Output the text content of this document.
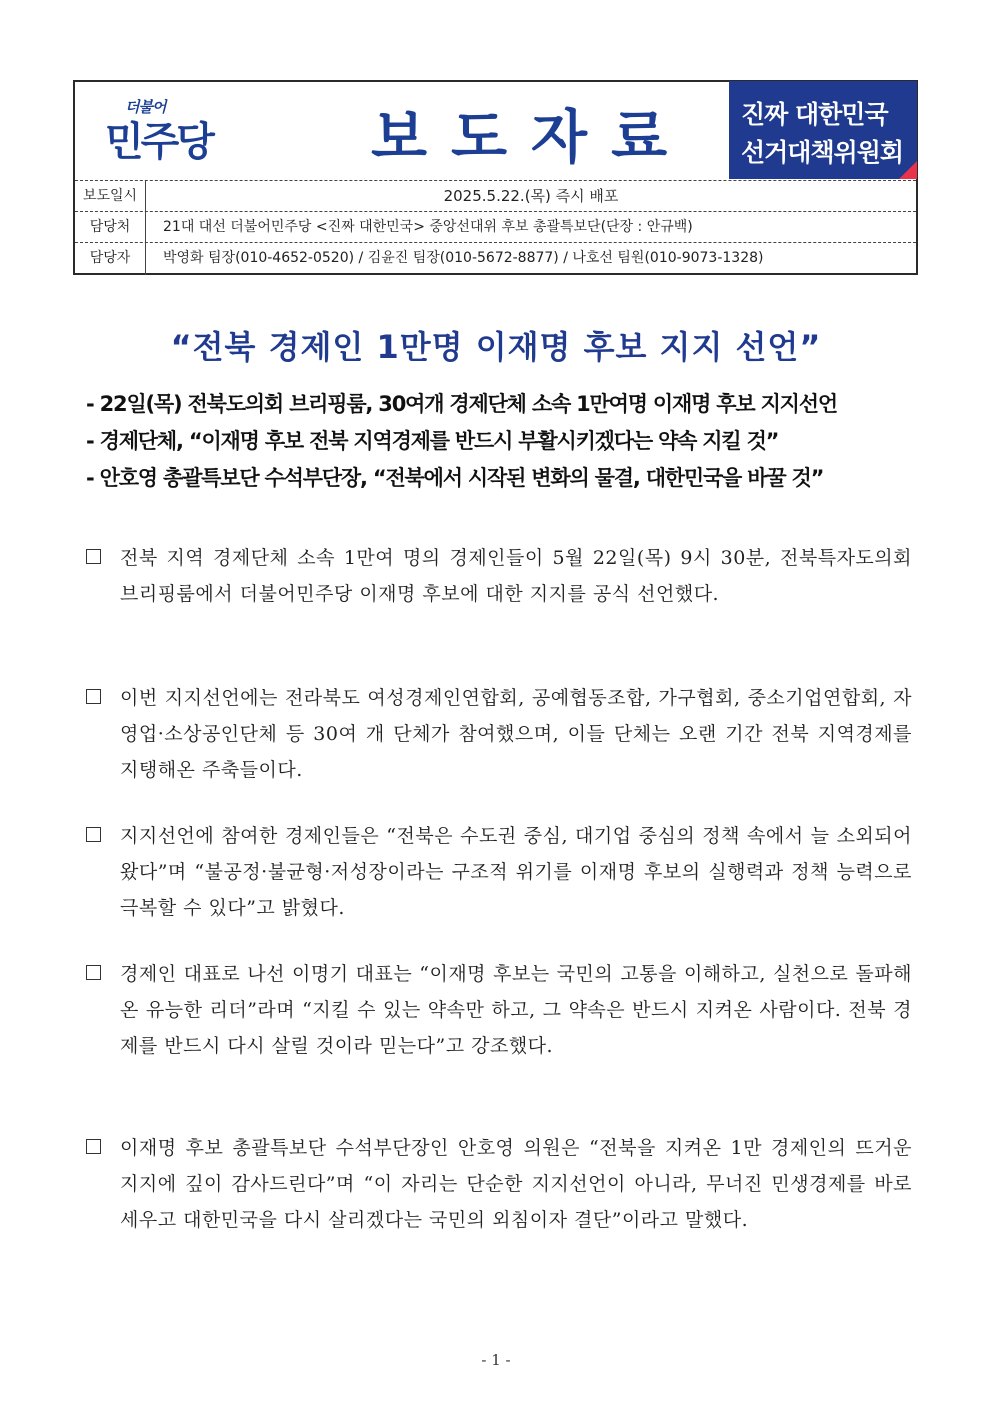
더불어
민주당	보도자료 진짜 대한민국
선거대책위원회
보도일시	2025.5.22.(목) 즉시 배포
담당처	21대 대선 더불어민주당 <진짜 대한민국> 중앙선대위 후보 총괄특보단(단장 : 안규백)
담당자	박영화 팀장(010-4652-0520) / 김윤진 팀장(010-5672-8877) / 나호선 팀원(010-9073-1328)
“전북 경제인 1만명 이재명 후보 지지 선언”
- 22일(목) 전북도의회 브리핑룸, 30여개 경제단체 소속 1만여명 이재명 후보 지지선언
- 경제단체, “이재명 후보 전북 지역경제를 반드시 부활시키겠다는 약속 지킬 것”
- 안호영 총괄특보단 수석부단장, “전북에서 시작된 변화의 물결, 대한민국을 바꿀 것”
전북 지역 경제단체 소속 1만여 명의 경제인들이 5월 22일(목) 9시 30분, 전북특자도의회 브리핑룸에서 더불어민주당 이재명 후보에 대한 지지를 공식 선언했다.
이번 지지선언에는 전라북도 여성경제인연합회, 공예협동조합, 가구협회, 중소기업연합회, 자영업·소상공인단체 등 30여 개 단체가 참여했으며, 이들 단체는 오랜 기간 전북 지역경제를 지탱해온 주축들이다.
지지선언에 참여한 경제인들은 “전북은 수도권 중심, 대기업 중심의 정책 속에서 늘 소외되어 왔다”며 “불공정·불균형·저성장이라는 구조적 위기를 이재명 후보의 실행력과 정책 능력으로 극복할 수 있다”고 밝혔다.
경제인 대표로 나선 이명기 대표는 “이재명 후보는 국민의 고통을 이해하고, 실천으로 돌파해온 유능한 리더”라며 “지킬 수 있는 약속만 하고, 그 약속은 반드시 지켜온 사람이다. 전북 경제를 반드시 다시 살릴 것이라 믿는다”고 강조했다.
이재명 후보 총괄특보단 수석부단장인 안호영 의원은 “전북을 지켜온 1만 경제인의 뜨거운 지지에 깊이 감사드린다”며 “이 자리는 단순한 지지선언이 아니라, 무너진 민생경제를 바로 세우고 대한민국을 다시 살리겠다는 국민의 외침이자 결단”이라고 말했다.
- 1 -
